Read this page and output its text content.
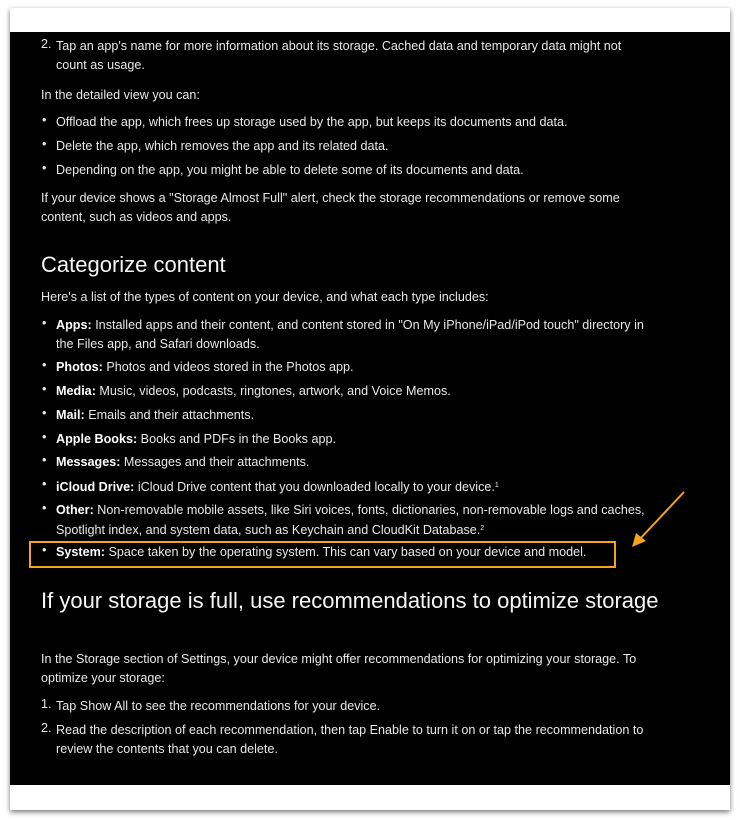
2. Tap an app's name for more information about its storage. Cached data and temporary data might not count as usage.

In the detailed view you can:

• Offload the app, which frees up storage used by the app, but keeps its documents and data.

• Delete the app, which removes the app and its related data.

• Depending on the app, you might be able to delete some of its documents and data.

If your device shows a "Storage Almost Full" alert, check the storage recommendations or remove some content, such as videos and apps.

Categorize content

Here's a list of the types of content on your device, and what each type includes:

• Apps: Installed apps and their content, and content stored in "On My iPhone/iPad/iPod touch" directory in the Files app, and Safari downloads.

• Photos: Photos and videos stored in the Photos app.

• Media: Music, videos, podcasts, ringtones, artwork, and Voice Memos.

• Mail: Emails and their attachments.

• Apple Books: Books and PDFs in the Books app.

• Messages: Messages and their attachments.

• iCloud Drive: iCloud Drive content that you downloaded locally to your device.$^1$

• Other: Non-removable mobile assets, like Siri voices, fonts, dictionaries, non-removable logs and caches, Spotlight index, and system data, such as Keychain and CloudKit Database.$^2$

• System: Space taken by the operating system. This can vary based on your device and model.

If your storage is full, use recommendations to optimize storage

In the Storage section of Settings, your device might offer recommendations for optimizing your storage. To optimize your storage:

1. Tap Show All to see the recommendations for your device.

2. Read the description of each recommendation, then tap Enable to turn it on or tap the recommendation to review the contents that you can delete.
